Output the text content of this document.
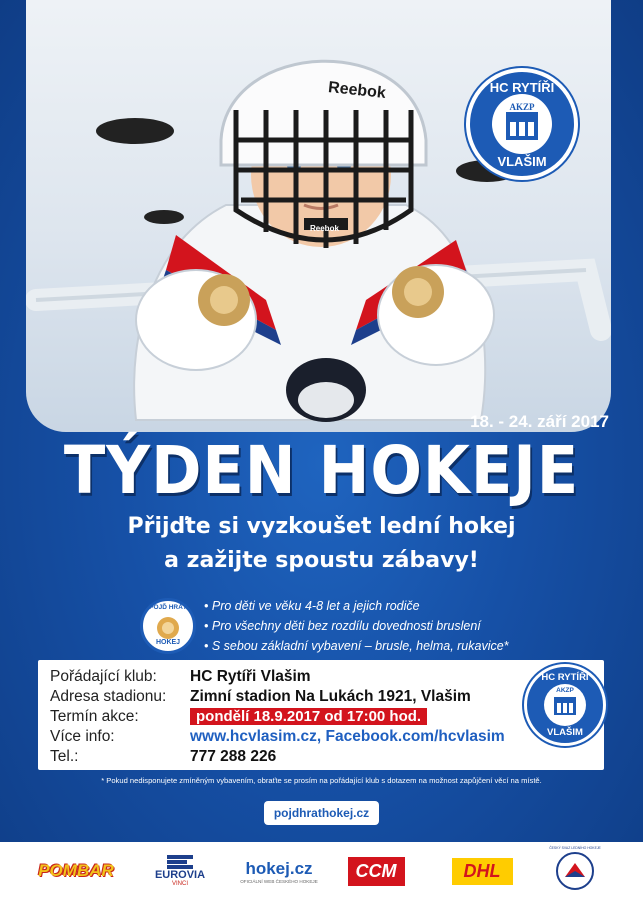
Reebok
Reebok
HC RYTÍŘI
AKZP
VLAŠIM
18. - 24. září 2017
TÝDEN HOKEJE
Přijďte si vyzkoušet lední hokej
a zažijte spoustu zábavy!
POJĎ HRÁT
HOKEJ
• Pro děti ve věku 4-8 let a jejich rodiče
• Pro všechny děti bez rozdílu dovednosti bruslení
• S sebou základní vybavení – brusle, helma, rukavice*
Pořádající klub: HC Rytíři Vlašim
Adresa stadionu: Zimní stadion Na Lukách 1921, Vlašim
Termín akce:	pondělí 18.9.2017 od 17:00 hod.
Více info:	www.hcvlasim.cz, Facebook.com/hcvlasim
Tel.:	777 288 226
HC RYTÍŘI
AKZP
VLAŠIM
* Pokud nedisponujete zmíněným vybavením, obraťte se prosím na pořádající klub s dotazem na možnost zapůjčení věcí na místě.
pojdhrathokej.cz
POMBAR	EUROVIA
VINCI
hokej.cz
OFICIÁLNÍ WEB ČESKÉHO HOKEJE
CCM	DHL
ČESKÝ SVAZ LEDNÍHO HOKEJE
